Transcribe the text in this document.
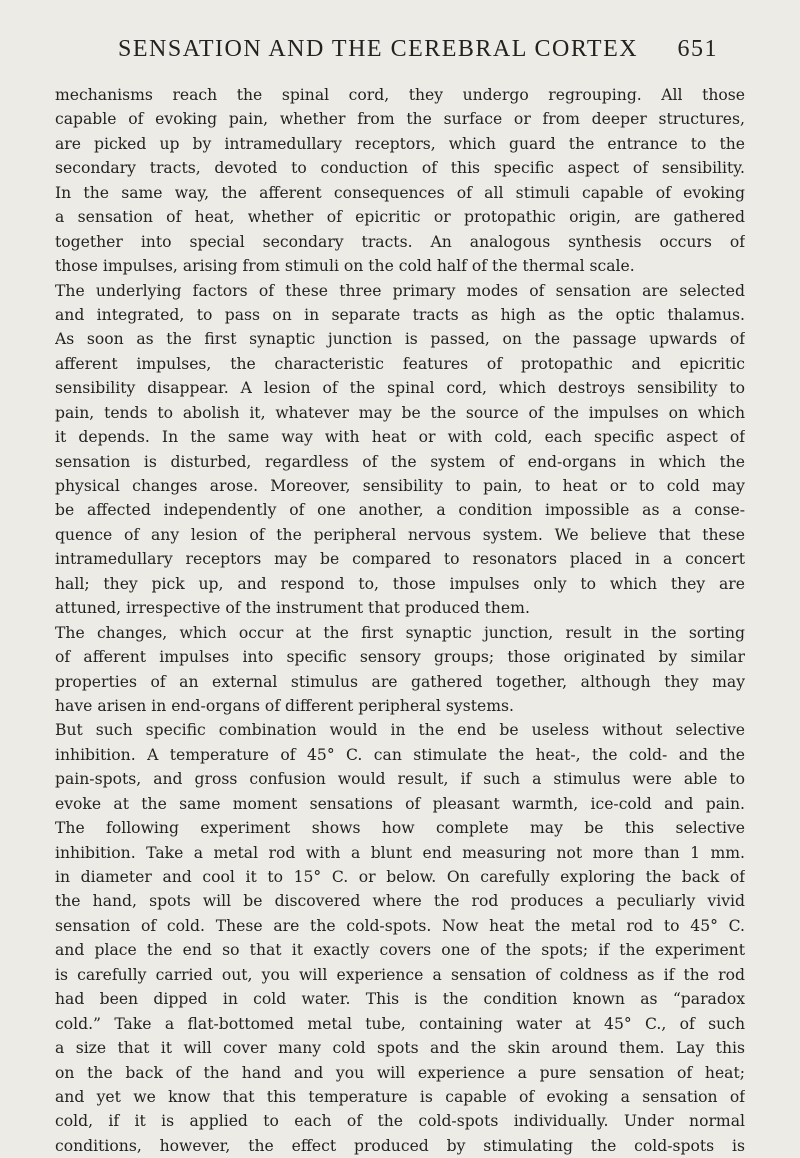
SENSATION AND THE CEREBRAL CORTEX 651
mechanisms reach the spinal cord, they undergo regrouping. All those
capable of evoking pain, whether from the surface or from deeper structures,
are picked up by intramedullary receptors, which guard the entrance to the
secondary tracts, devoted to conduction of this specific aspect of sensibility.
In the same way, the afferent consequences of all stimuli capable of evoking
a sensation of heat, whether of epicritic or protopathic origin, are gathered
together into special secondary tracts. An analogous synthesis occurs of
those impulses, arising from stimuli on the cold half of the thermal scale.
The underlying factors of these three primary modes of sensation are selected
and integrated, to pass on in separate tracts as high as the optic thalamus.
As soon as the first synaptic junction is passed, on the passage upwards of
afferent impulses, the characteristic features of protopathic and epicritic
sensibility disappear. A lesion of the spinal cord, which destroys sensibility to
pain, tends to abolish it, whatever may be the source of the impulses on which
it depends. In the same way with heat or with cold, each specific aspect of
sensation is disturbed, regardless of the system of end-organs in which the
physical changes arose. Moreover, sensibility to pain, to heat or to cold may
be affected independently of one another, a condition impossible as a conse-
quence of any lesion of the peripheral nervous system. We believe that these
intramedullary receptors may be compared to resonators placed in a concert
hall; they pick up, and respond to, those impulses only to which they are
attuned, irrespective of the instrument that produced them.
The changes, which occur at the first synaptic junction, result in the sorting
of afferent impulses into specific sensory groups; those originated by similar
properties of an external stimulus are gathered together, although they may
have arisen in end-organs of different peripheral systems.
But such specific combination would in the end be useless without selective
inhibition. A temperature of 45° C. can stimulate the heat-, the cold- and the
pain-spots, and gross confusion would result, if such a stimulus were able to
evoke at the same moment sensations of pleasant warmth, ice-cold and pain.
The following experiment shows how complete may be this selective
inhibition. Take a metal rod with a blunt end measuring not more than 1 mm.
in diameter and cool it to 15° C. or below. On carefully exploring the back of
the hand, spots will be discovered where the rod produces a peculiarly vivid
sensation of cold. These are the cold-spots. Now heat the metal rod to 45° C.
and place the end so that it exactly covers one of the spots; if the experiment
is carefully carried out, you will experience a sensation of coldness as if the rod
had been dipped in cold water. This is the condition known as “paradox
cold.” Take a flat-bottomed metal tube, containing water at 45° C., of such
a size that it will cover many cold spots and the skin around them. Lay this
on the back of the hand and you will experience a pure sensation of heat;
and yet we know that this temperature is capable of evoking a sensation of
cold, if it is applied to each of the cold-spots individually. Under normal
conditions, however, the effect produced by stimulating the cold-spots is
